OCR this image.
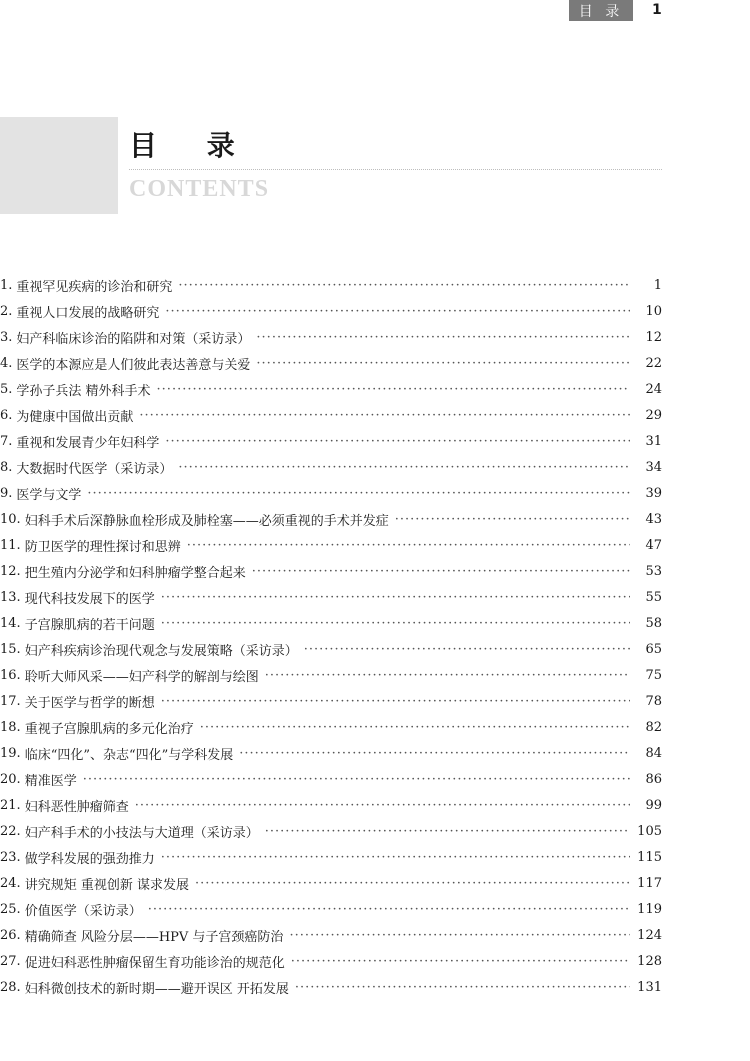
目 录 1
目 录
CONTENTS
1. 重视罕见疾病的诊治和研究 ·····	1
2. 重视人口发展的战略研究 ·····	10
3. 妇产科临床诊治的陷阱和对策（采访录） ·····	12
4. 医学的本源应是人们彼此表达善意与关爱 ·····	22
5. 学孙子兵法 精外科手术 ·····	24
6. 为健康中国做出贡献 ·····	29
7. 重视和发展青少年妇科学 ·····	31
8. 大数据时代医学（采访录） ·····	34
9. 医学与文学 ·····	39
10. 妇科手术后深静脉血栓形成及肺栓塞——必须重视的手术并发症 ·····	43
11. 防卫医学的理性探讨和思辨 ·····	47
12. 把生殖内分泌学和妇科肿瘤学整合起来 ·····	53
13. 现代科技发展下的医学 ·····	55
14. 子宫腺肌病的若干问题 ·····	58
15. 妇产科疾病诊治现代观念与发展策略（采访录） ·····	65
16. 聆听大师风采——妇产科学的解剖与绘图 ·····	75
17. 关于医学与哲学的断想 ·····	78
18. 重视子宫腺肌病的多元化治疗 ·····	82
19. 临床“四化”、杂志“四化”与学科发展 ·····	84
20. 精准医学 ·····	86
21. 妇科恶性肿瘤筛查 ·····	99
22. 妇产科手术的小技法与大道理（采访录） ·····	105
23. 做学科发展的强劲推力 ·····	115
24. 讲究规矩 重视创新 谋求发展 ·····	117
25. 价值医学（采访录） ·····	119
26. 精确筛查 风险分层——HPV 与子宫颈癌防治 ·····	124
27. 促进妇科恶性肿瘤保留生育功能诊治的规范化 ·····	128
28. 妇科微创技术的新时期——避开误区 开拓发展 ·····	131
